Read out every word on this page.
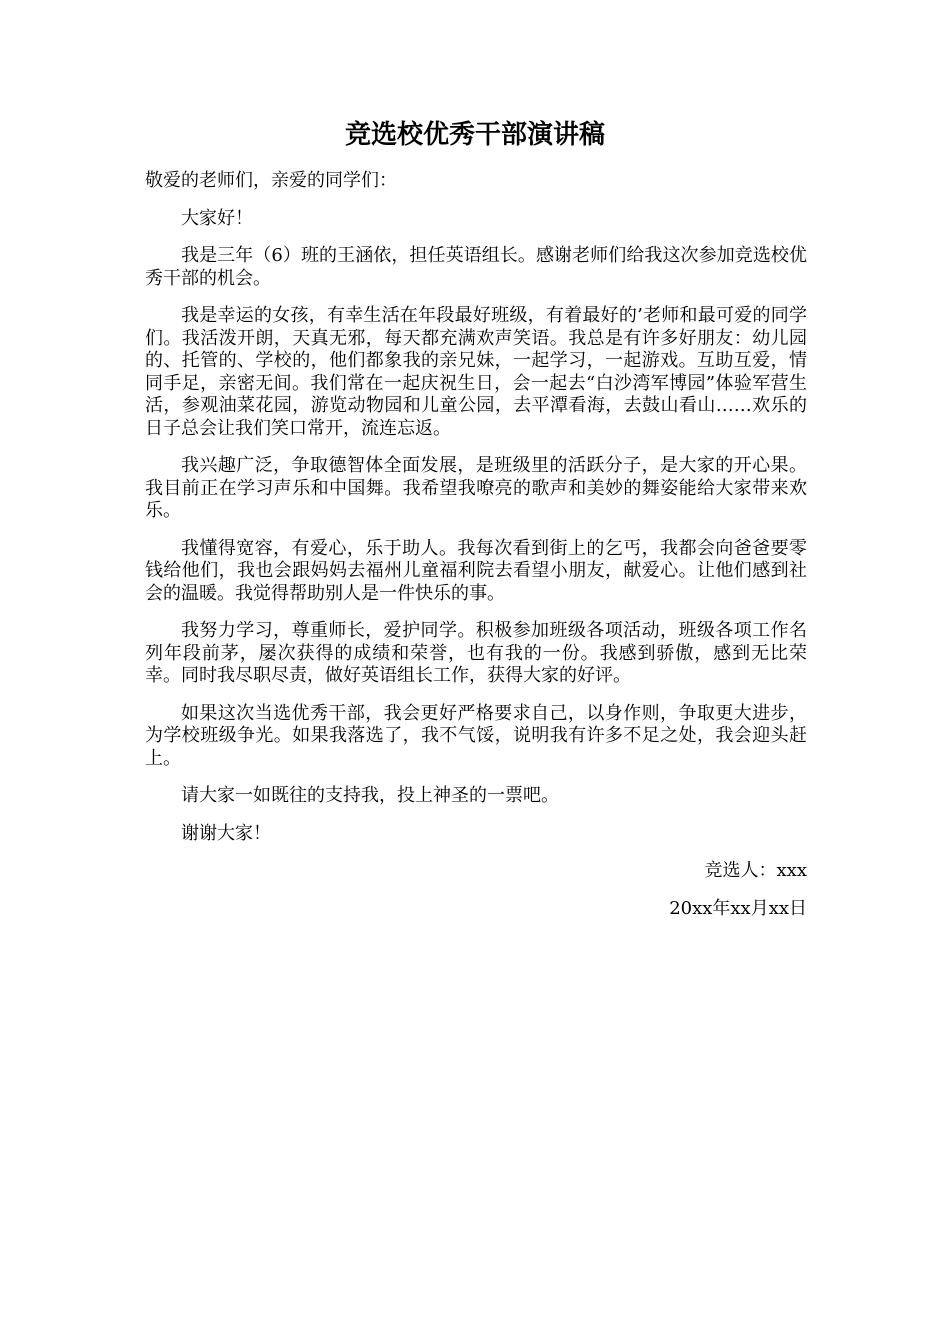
竞选校优秀干部演讲稿

敬爱的老师们，亲爱的同学们：

大家好！

我是三年（6）班的王涵依，担任英语组长。感谢老师们给我这次参加竞选校优秀干部的机会。

我是幸运的女孩，有幸生活在年段最好班级，有着最好的’老师和最可爱的同学们。我活泼开朗，天真无邪，每天都充满欢声笑语。我总是有许多好朋友：幼儿园的、托管的、学校的，他们都象我的亲兄妹，一起学习，一起游戏。互助互爱，情同手足，亲密无间。我们常在一起庆祝生日，会一起去“白沙湾军博园”体验军营生活，参观油菜花园，游览动物园和儿童公园，去平潭看海，去鼓山看山……欢乐的日子总会让我们笑口常开，流连忘返。

我兴趣广泛，争取德智体全面发展，是班级里的活跃分子，是大家的开心果。我目前正在学习声乐和中国舞。我希望我嘹亮的歌声和美妙的舞姿能给大家带来欢乐。

我懂得宽容，有爱心，乐于助人。我每次看到街上的乞丐，我都会向爸爸要零钱给他们，我也会跟妈妈去福州儿童福利院去看望小朋友，献爱心。让他们感到社会的温暖。我觉得帮助别人是一件快乐的事。

我努力学习，尊重师长，爱护同学。积极参加班级各项活动，班级各项工作名列年段前茅，屡次获得的成绩和荣誉，也有我的一份。我感到骄傲，感到无比荣幸。同时我尽职尽责，做好英语组长工作，获得大家的好评。

如果这次当选优秀干部，我会更好严格要求自己，以身作则，争取更大进步，为学校班级争光。如果我落选了，我不气馁，说明我有许多不足之处，我会迎头赶上。

请大家一如既往的支持我，投上神圣的一票吧。

谢谢大家！

竞选人：xxx

20xx年xx月xx日
